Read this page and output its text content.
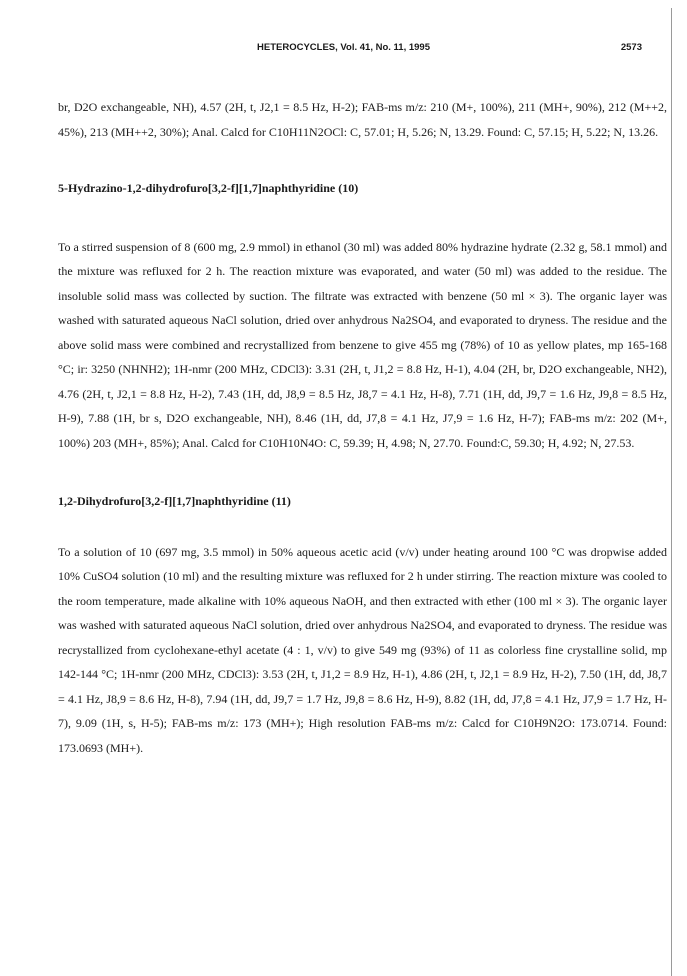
HETEROCYCLES, Vol. 41, No. 11, 1995	2573

br, D2O exchangeable, NH), 4.57 (2H, t, J2,1 = 8.5 Hz, H-2); FAB-ms m/z: 210 (M+, 100%), 211 (MH+, 90%), 212 (M++2, 45%), 213 (MH++2, 30%); Anal. Calcd for C10H11N2OCl: C, 57.01; H, 5.26; N, 13.29. Found: C, 57.15; H, 5.22; N, 13.26.

5-Hydrazino-1,2-dihydrofuro[3,2-f][1,7]naphthyridine (10)

To a stirred suspension of 8 (600 mg, 2.9 mmol) in ethanol (30 ml) was added 80% hydrazine hydrate (2.32 g, 58.1 mmol) and the mixture was refluxed for 2 h. The reaction mixture was evaporated, and water (50 ml) was added to the residue. The insoluble solid mass was collected by suction. The filtrate was extracted with benzene (50 ml × 3). The organic layer was washed with saturated aqueous NaCl solution, dried over anhydrous Na2SO4, and evaporated to dryness. The residue and the above solid mass were combined and recrystallized from benzene to give 455 mg (78%) of 10 as yellow plates, mp 165-168 °C; ir: 3250 (NHNH2); 1H-nmr (200 MHz, CDCl3): 3.31 (2H, t, J1,2 = 8.8 Hz, H-1), 4.04 (2H, br, D2O exchangeable, NH2), 4.76 (2H, t, J2,1 = 8.8 Hz, H-2), 7.43 (1H, dd, J8,9 = 8.5 Hz, J8,7 = 4.1 Hz, H-8), 7.71 (1H, dd, J9,7 = 1.6 Hz, J9,8 = 8.5 Hz, H-9), 7.88 (1H, br s, D2O exchangeable, NH), 8.46 (1H, dd, J7,8 = 4.1 Hz, J7,9 = 1.6 Hz, H-7); FAB-ms m/z: 202 (M+, 100%) 203 (MH+, 85%); Anal. Calcd for C10H10N4O: C, 59.39; H, 4.98; N, 27.70. Found:C, 59.30; H, 4.92; N, 27.53.

1,2-Dihydrofuro[3,2-f][1,7]naphthyridine (11)

To a solution of 10 (697 mg, 3.5 mmol) in 50% aqueous acetic acid (v/v) under heating around 100 °C was dropwise added 10% CuSO4 solution (10 ml) and the resulting mixture was refluxed for 2 h under stirring. The reaction mixture was cooled to the room temperature, made alkaline with 10% aqueous NaOH, and then extracted with ether (100 ml × 3). The organic layer was washed with saturated aqueous NaCl solution, dried over anhydrous Na2SO4, and evaporated to dryness. The residue was recrystallized from cyclohexane-ethyl acetate (4 : 1, v/v) to give 549 mg (93%) of 11 as colorless fine crystalline solid, mp 142-144 °C; 1H-nmr (200 MHz, CDCl3): 3.53 (2H, t, J1,2 = 8.9 Hz, H-1), 4.86 (2H, t, J2,1 = 8.9 Hz, H-2), 7.50 (1H, dd, J8,7 = 4.1 Hz, J8,9 = 8.6 Hz, H-8), 7.94 (1H, dd, J9,7 = 1.7 Hz, J9,8 = 8.6 Hz, H-9), 8.82 (1H, dd, J7,8 = 4.1 Hz, J7,9 = 1.7 Hz, H-7), 9.09 (1H, s, H-5); FAB-ms m/z: 173 (MH+); High resolution FAB-ms m/z: Calcd for C10H9N2O: 173.0714. Found: 173.0693 (MH+).
